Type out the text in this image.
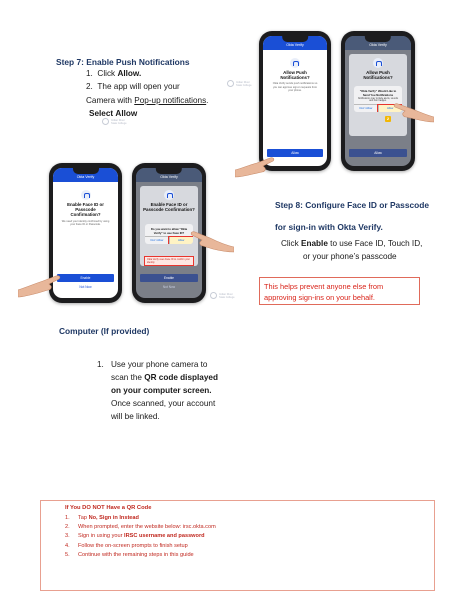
Step 7: Enable Push Notifications
1. Click Allow.
2. The app will open your
Camera with Pop-up notifications.
Select Allow
Okta Verify
Allow Push Notifications?
Okta Verify sends push notifications so you can approve sign-in requests from your phone.
Allow
Okta Verify
Allow Push Notifications?
“Okta Verify” Would Like to Send You Notifications
Notifications may include alerts, sounds and icon badges.
Don’t Allow	Allow
2
Allow
Indian River
State College
Indian River
State College
Okta Verify
Enable Face ID or Passcode Confirmation?
We need your identity confirmed by using your Face ID or Passcode.
Enable
Not Now
Okta Verify
Enable Face ID or Passcode Confirmation?
Do you want to allow “Okta Verify” to use Face ID?
Don’t Allow	Allow
Okta Verify uses Face ID to confirm your identity
Enable
Not Now
Indian River
State College
Step 8: Configure Face ID or Passcode
for sign-in with Okta Verify.
Click Enable to use Face ID, Touch ID,
or your phone’s passcode

This helps prevent anyone else from

approving sign-ins on your behalf.

Computer (If provided)
1. Use your phone camera to
scan the QR code displayed
on your computer screen.
Once scanned, your account
will be linked.
If You DO NOT Have a QR Code
1. Tap No, Sign in Instead
2. When prompted, enter the website below: irsc.okta.com
3. Sign in using your IRSC username and password
4. Follow the on-screen prompts to finish setup
5. Continue with the remaining steps in this guide
